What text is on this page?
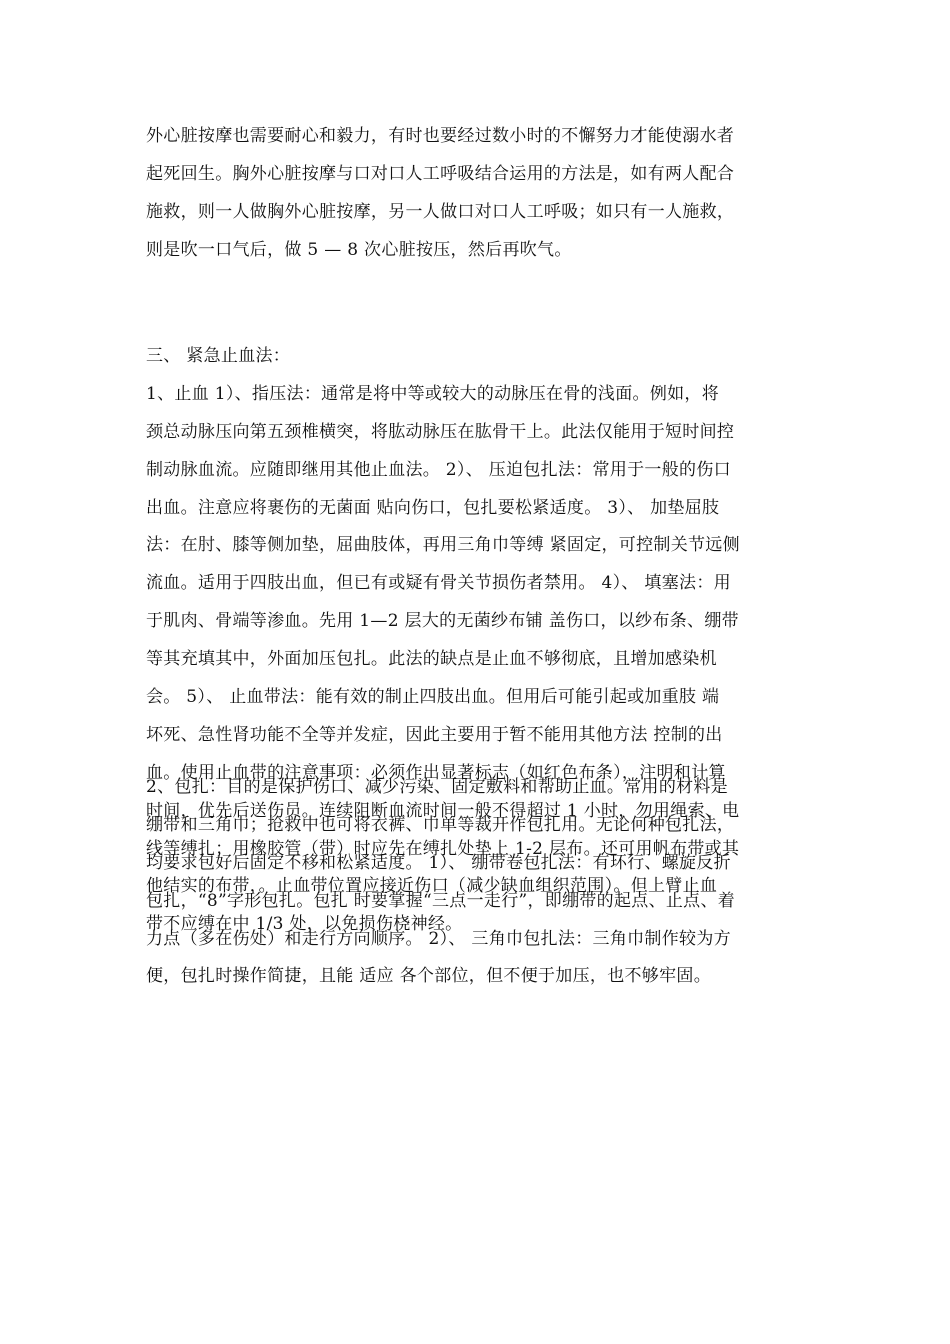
外心脏按摩也需要耐心和毅力，有时也要经过数小时的不懈努力才能使溺水者
起死回生。胸外心脏按摩与口对口人工呼吸结合运用的方法是，如有两人配合
施救，则一人做胸外心脏按摩，另一人做口对口人工呼吸；如只有一人施救，
则是吹一口气后，做 5 — 8 次心脏按压，然后再吹气。
三、 紧急止血法：
1、止血 1）、指压法：通常是将中等或较大的动脉压在骨的浅面。例如，将
颈总动脉压向第五颈椎横突，将肱动脉压在肱骨干上。此法仅能用于短时间控
制动脉血流。应随即继用其他止血法。 2）、 压迫包扎法：常用于一般的伤口
出血。注意应将裹伤的无菌面 贴向伤口，包扎要松紧适度。 3）、 加垫屈肢
法：在肘、膝等侧加垫，屈曲肢体，再用三角巾等缚 紧固定，可控制关节远侧
流血。适用于四肢出血，但已有或疑有骨关节损伤者禁用。 4）、 填塞法：用
于肌肉、骨端等渗血。先用 1—2 层大的无菌纱布铺 盖伤口，以纱布条、绷带
等其充填其中，外面加压包扎。此法的缺点是止血不够彻底，且增加感染机
会。 5）、 止血带法：能有效的制止四肢出血。但用后可能引起或加重肢 端
坏死、急性肾功能不全等并发症，因此主要用于暂不能用其他方法 控制的出
血。使用止血带的注意事项：必须作出显著标志（如红色布条），注明和计算
时间，优先后送伤员。连续阻断血流时间一般不得超过 1 小时，勿用绳索、电
线等缚扎；用橡胶管（带）时应先在缚扎处垫上 1-2 层布。还可用帆布带或其
他结实的布带，。止血带位置应接近伤口（减少缺血组织范围）。但上臂止血
带不应缚在中 1/3 处，以免损伤桡神经。
2、包扎：目的是保护伤口、减少污染、固定敷料和帮助止血。常用的材料是
绷带和三角巾；抢救中也可将衣裤、巾单等裁开作包扎用。无论何种包扎法，
均要求包好后固定不移和松紧适度。 1）、 绷带卷包扎法：有环行、螺旋反折
包扎，“8”字形包扎。包扎 时要掌握“三点一走行”，即绷带的起点、止点、着
力点（多在伤处）和走行方向顺序。 2）、 三角巾包扎法：三角巾制作较为方
便，包扎时操作简捷，且能 适应 各个部位，但不便于加压，也不够牢固。
